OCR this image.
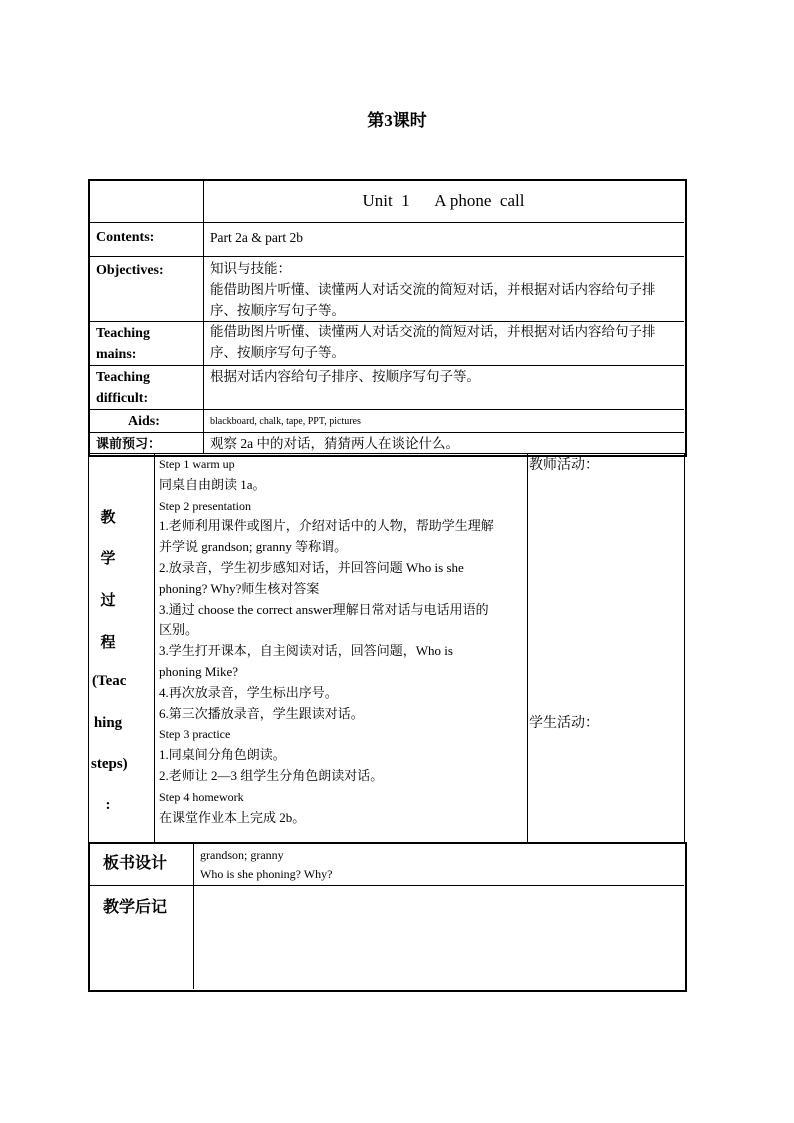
第3课时
Unit  1      A phone  call
Contents:	Part 2a & part 2b
Objectives:	知识与技能：
能借助图片听懂、读懂两人对话交流的简短对话，并根据对话内容给句子排
序、按顺序写句子等。
Teaching
mains:
能借助图片听懂、读懂两人对话交流的简短对话，并根据对话内容给句子排
序、按顺序写句子等。
Teaching
difficult:
根据对话内容给句子排序、按顺序写句子等。
Aids:	blackboard, chalk, tape, PPT, pictures
课前预习：	观察 2a 中的对话，猜猜两人在谈论什么。
教
学
过
程
(Teac
hing
steps)
:
Step 1 warm up
同桌自由朗读 1a。
Step 2 presentation
1.老师利用课件或图片，介绍对话中的人物，帮助学生理解
并学说 grandson; granny 等称谓。
2.放录音，学生初步感知对话，并回答问题 Who is she
phoning? Why?师生核对答案
3.通过 choose the correct answer理解日常对话与电话用语的
区别。
3.学生打开课本，自主阅读对话，回答问题，Who is
phoning Mike?
4.再次放录音，学生标出序号。
6.第三次播放录音，学生跟读对话。
Step 3 practice
1.同桌间分角色朗读。
2.老师让 2—3 组学生分角色朗读对话。
Step 4 homework
在课堂作业本上完成 2b。
教师活动：
学生活动：
板书设计	grandson; granny
Who is she phoning? Why?
教学后记
